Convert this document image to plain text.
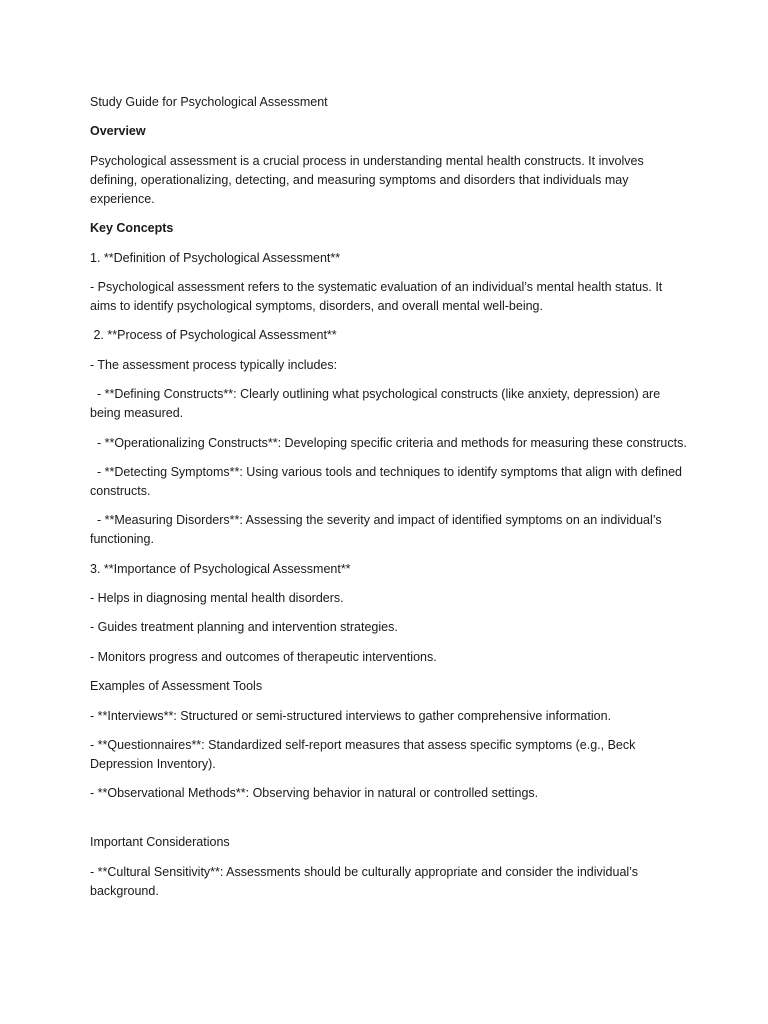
Study Guide for Psychological Assessment

Overview

Psychological assessment is a crucial process in understanding mental health constructs. It involves defining, operationalizing, detecting, and measuring symptoms and disorders that individuals may experience.

Key Concepts

1. **Definition of Psychological Assessment**

- Psychological assessment refers to the systematic evaluation of an individual’s mental health status. It aims to identify psychological symptoms, disorders, and overall mental well-being.

2. **Process of Psychological Assessment**

- The assessment process typically includes:

- **Defining Constructs**: Clearly outlining what psychological constructs (like anxiety, depression) are being measured.

- **Operationalizing Constructs**: Developing specific criteria and methods for measuring these constructs.

- **Detecting Symptoms**: Using various tools and techniques to identify symptoms that align with defined constructs.

- **Measuring Disorders**: Assessing the severity and impact of identified symptoms on an individual’s functioning.

3. **Importance of Psychological Assessment**

- Helps in diagnosing mental health disorders.

- Guides treatment planning and intervention strategies.

- Monitors progress and outcomes of therapeutic interventions.

Examples of Assessment Tools

- **Interviews**: Structured or semi-structured interviews to gather comprehensive information.

- **Questionnaires**: Standardized self-report measures that assess specific symptoms (e.g., Beck Depression Inventory).

- **Observational Methods**: Observing behavior in natural or controlled settings.

Important Considerations

- **Cultural Sensitivity**: Assessments should be culturally appropriate and consider the individual’s background.
